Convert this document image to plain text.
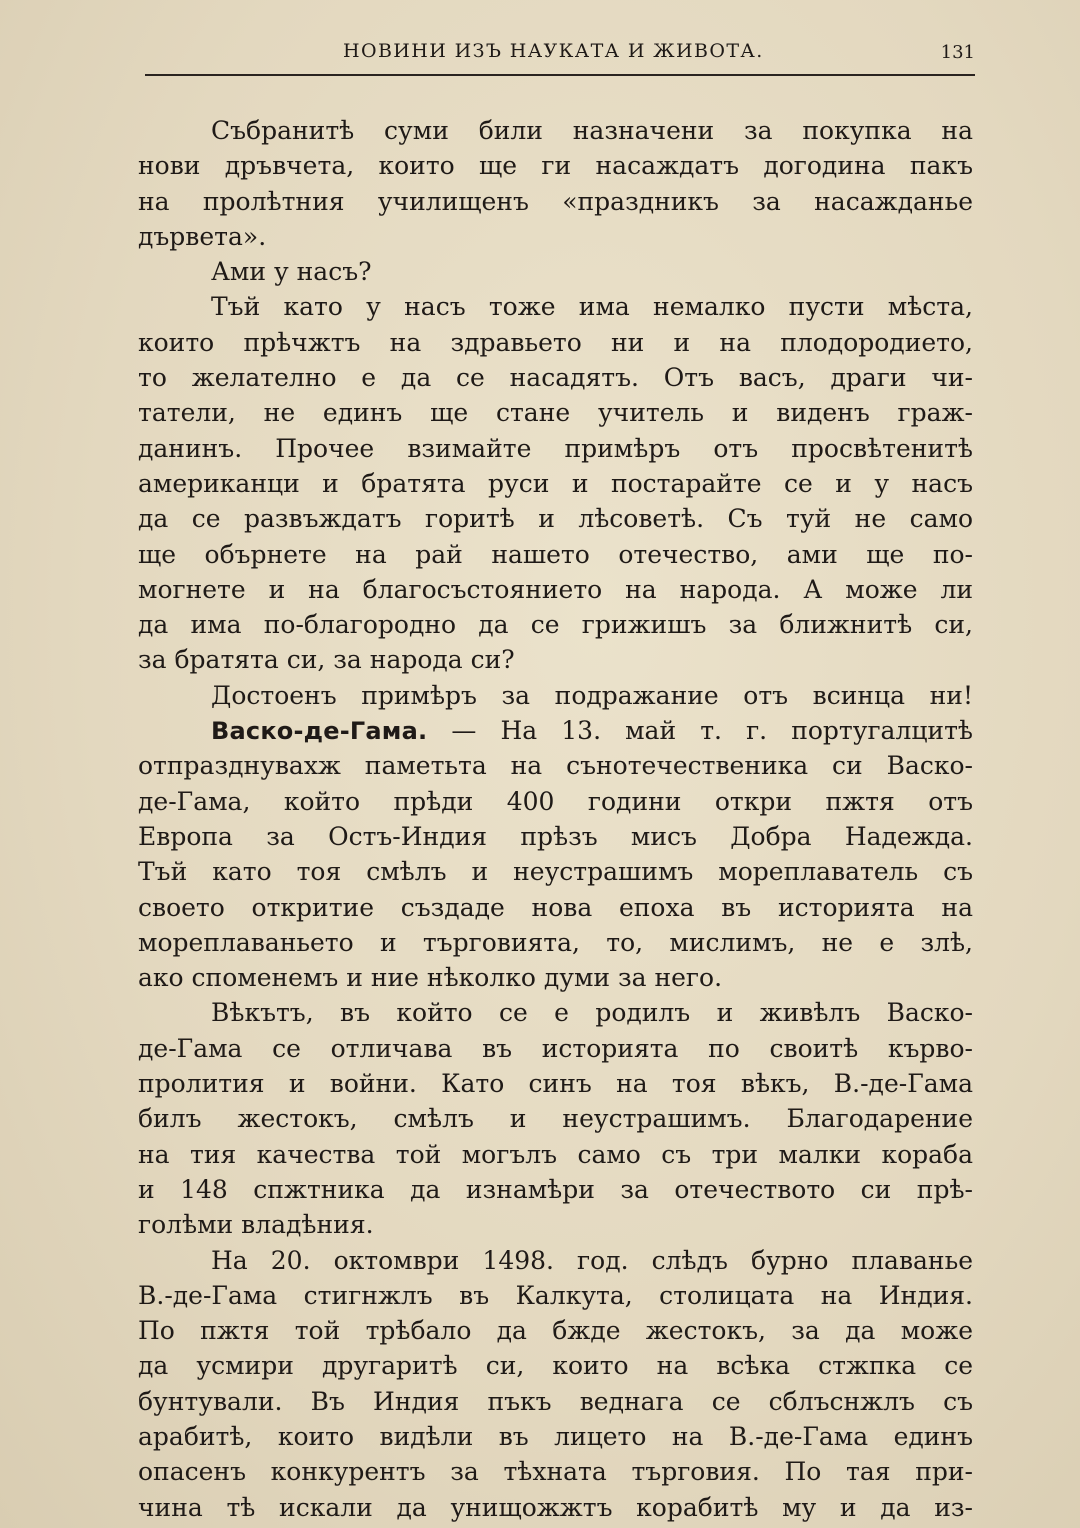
НОВИНИ ИЗЪ НАУКАТА И ЖИВОТА.	131
Събранитѣ суми били назначени за покупка на
нови дръвчета, които ще ги насаждатъ догодина пакъ
на пролѣтния училищенъ «праздникъ за насажданье
дървета».
Ами у насъ?
Тъй като у насъ тоже има немалко пусти мѣста,
които прѣчжтъ на здравьето ни и на плодородието,
то желателно е да се насадятъ. Отъ васъ, драги чи-
татели, не единъ ще стане учитель и виденъ граж-
данинъ. Прочее взимайте примѣръ отъ просвѣтенитѣ
американци и братята руси и постарайте се и у насъ
да се развъждатъ горитѣ и лѣсоветѣ. Съ туй не само
ще обърнете на рай нашето отечество, ами ще по-
могнете и на благосъстоянието на народа. А може ли
да има по-благородно да се грижишъ за ближнитѣ си,
за братята си, за народа си?
Достоенъ примѣръ за подражание отъ всинца ни!
Васко-де-Гама. — На 13. май т. г. португалцитѣ
отпразднувахж паметьта на сънотечественика си Васко-
де-Гама, който прѣди 400 години откри пжтя отъ
Европа за Остъ-Индия прѣзъ мисъ Добра Надежда.
Тъй като тоя смѣлъ и неустрашимъ мореплаватель съ
своето откритие създаде нова епоха въ историята на
мореплаваньето и търговията, то, мислимъ, не е злѣ,
ако споменемъ и ние нѣколко думи за него.
Вѣкътъ, въ който се е родилъ и живѣлъ Васко-
де-Гама се отличава въ историята по своитѣ кърво-
пролития и войни. Като синъ на тоя вѣкъ, В.-де-Гама
билъ жестокъ, смѣлъ и неустрашимъ. Благодарение
на тия качества той могълъ само съ три малки кораба
и 148 спжтника да изнамѣри за отечеството си прѣ-
голѣми владѣния.
На 20. октомври 1498. год. слѣдъ бурно плаванье
В.-де-Гама стигнжлъ въ Калкута, столицата на Индия.
По пжтя той трѣбало да бжде жестокъ, за да може
да усмири другаритѣ си, които на всѣка стжпка се
бунтували. Въ Индия пъкъ веднага се сблъснжлъ съ
арабитѣ, които видѣли въ лицето на В.-де-Гама единъ
опасенъ конкурентъ за тѣхната търговия. По тая при-
чина тѣ искали да унищожжтъ корабитѣ му и да из-
